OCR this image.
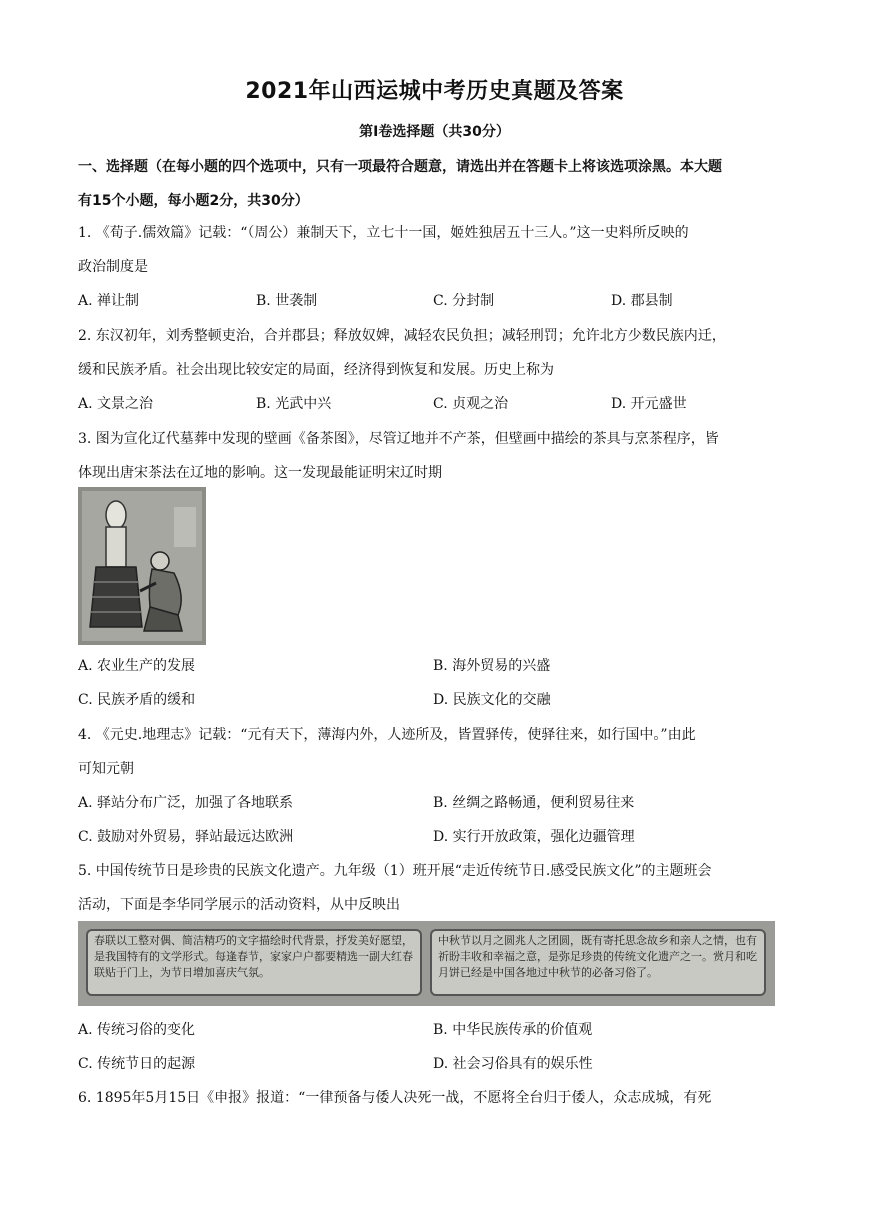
2021年山西运城中考历史真题及答案
第Ⅰ卷选择题（共30分）
一、选择题（在每小题的四个选项中，只有一项最符合题意，请选出并在答题卡上将该选项涂黑。本大题
有15个小题，每小题2分，共30分）
1. 《荀子.儒效篇》记载：“（周公）兼制天下，立七十一国，姬姓独居五十三人。”这一史料所反映的
政治制度是
A. 禅让制	B. 世袭制	C. 分封制	D. 郡县制
2. 东汉初年，刘秀整顿吏治，合并郡县；释放奴婢，减轻农民负担；减轻刑罚；允许北方少数民族内迁，
缓和民族矛盾。社会出现比较安定的局面，经济得到恢复和发展。历史上称为
A. 文景之治	B. 光武中兴	C. 贞观之治	D. 开元盛世
3. 图为宣化辽代墓葬中发现的壁画《备茶图》，尽管辽地并不产茶，但壁画中描绘的茶具与烹茶程序，皆
体现出唐宋茶法在辽地的影响。这一发现最能证明宋辽时期
A. 农业生产的发展	B. 海外贸易的兴盛
C. 民族矛盾的缓和	D. 民族文化的交融
4. 《元史.地理志》记载：“元有天下，薄海内外，人迹所及，皆置驿传，使驿往来，如行国中。”由此
可知元朝
A. 驿站分布广泛，加强了各地联系	B. 丝绸之路畅通，便利贸易往来
C. 鼓励对外贸易，驿站最远达欧洲	D. 实行开放政策，强化边疆管理
5. 中国传统节日是珍贵的民族文化遗产。九年级（1）班开展“走近传统节日.感受民族文化”的主题班会
活动，下面是李华同学展示的活动资料，从中反映出
春联以工整对偶、简洁精巧的文字描绘时代背景，抒发美好愿望，是我国特有的文学形式。每逢春节，家家户户都要精选一副大红春联贴于门上，为节日增加喜庆气氛。
中秋节以月之圆兆人之团圆，既有寄托思念故乡和亲人之情，也有祈盼丰收和幸福之意，是弥足珍贵的传统文化遗产之一。赏月和吃月饼已经是中国各地过中秋节的必备习俗了。
A. 传统习俗的变化	B. 中华民族传承的价值观
C. 传统节日的起源	D. 社会习俗具有的娱乐性
6. 1895年5月15日《申报》报道：“一律预备与倭人决死一战，不愿将全台归于倭人，众志成城，有死
